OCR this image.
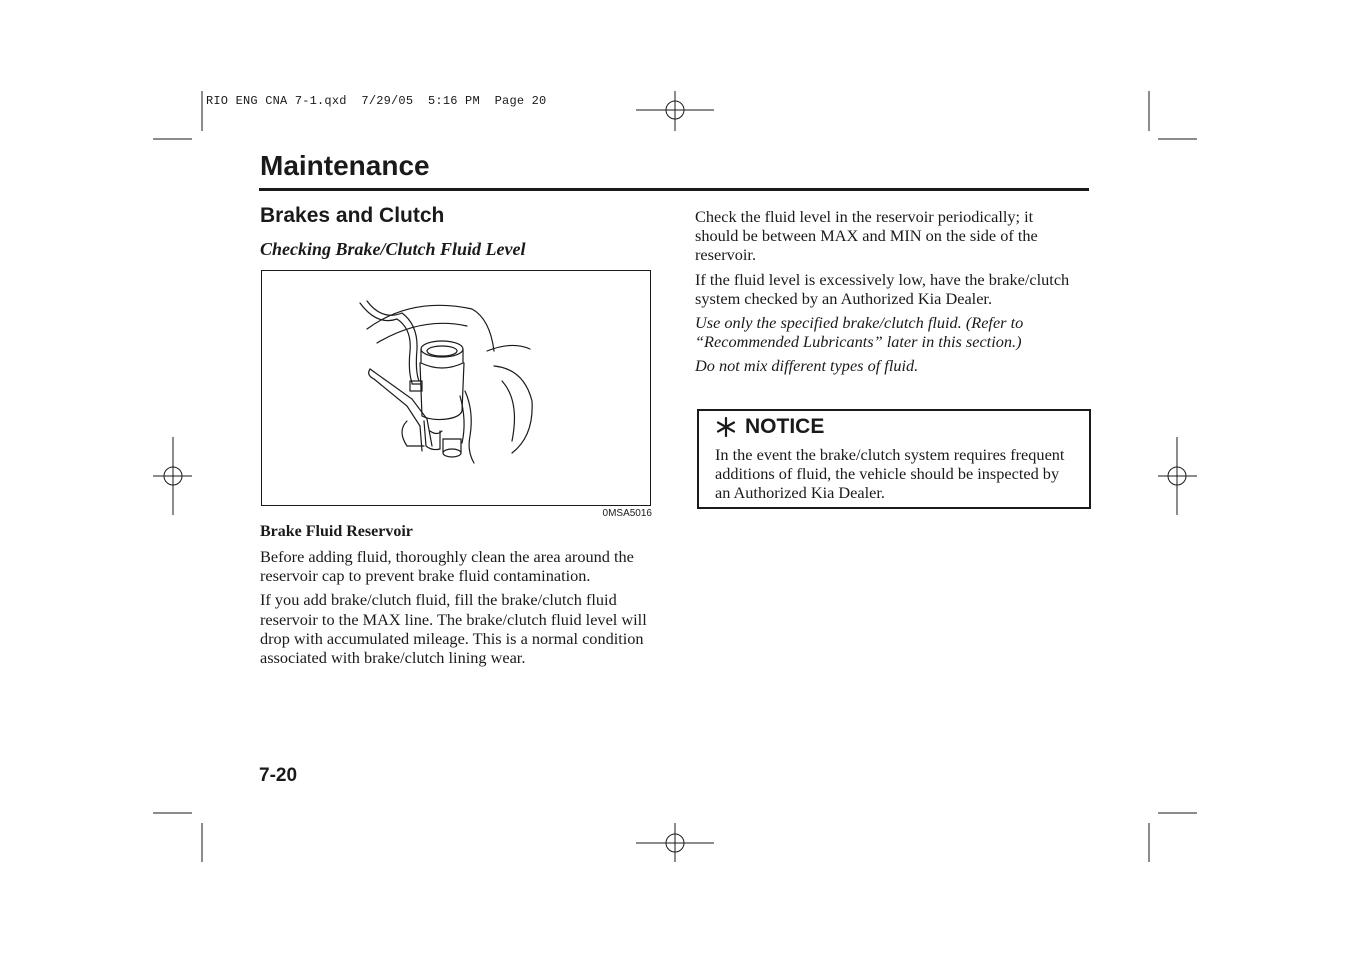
RIO ENG CNA 7-1.qxd  7/29/05  5:16 PM  Page 20
Maintenance
Brakes and Clutch
Checking Brake/Clutch Fluid Level
0MSA5016
Brake Fluid Reservoir

Before adding fluid, thoroughly clean the area around the reservoir cap to prevent brake fluid contamination.

If you add brake/clutch fluid, fill the brake/clutch fluid reservoir to the MAX line. The brake/clutch fluid level will drop with accumulated mileage. This is a normal condition associated with brake/clutch lining wear.

Check the fluid level in the reservoir periodically; it should be between MAX and MIN on the side of the reservoir.

If the fluid level is excessively low, have the brake/clutch system checked by an Authorized Kia Dealer.

Use only the specified brake/clutch fluid. (Refer to “Recommended Lubricants” later in this section.)

Do not mix different types of fluid.

NOTICE
In the event the brake/clutch system requires frequent additions of fluid, the vehicle should be inspected by an Authorized Kia Dealer.
7-20
